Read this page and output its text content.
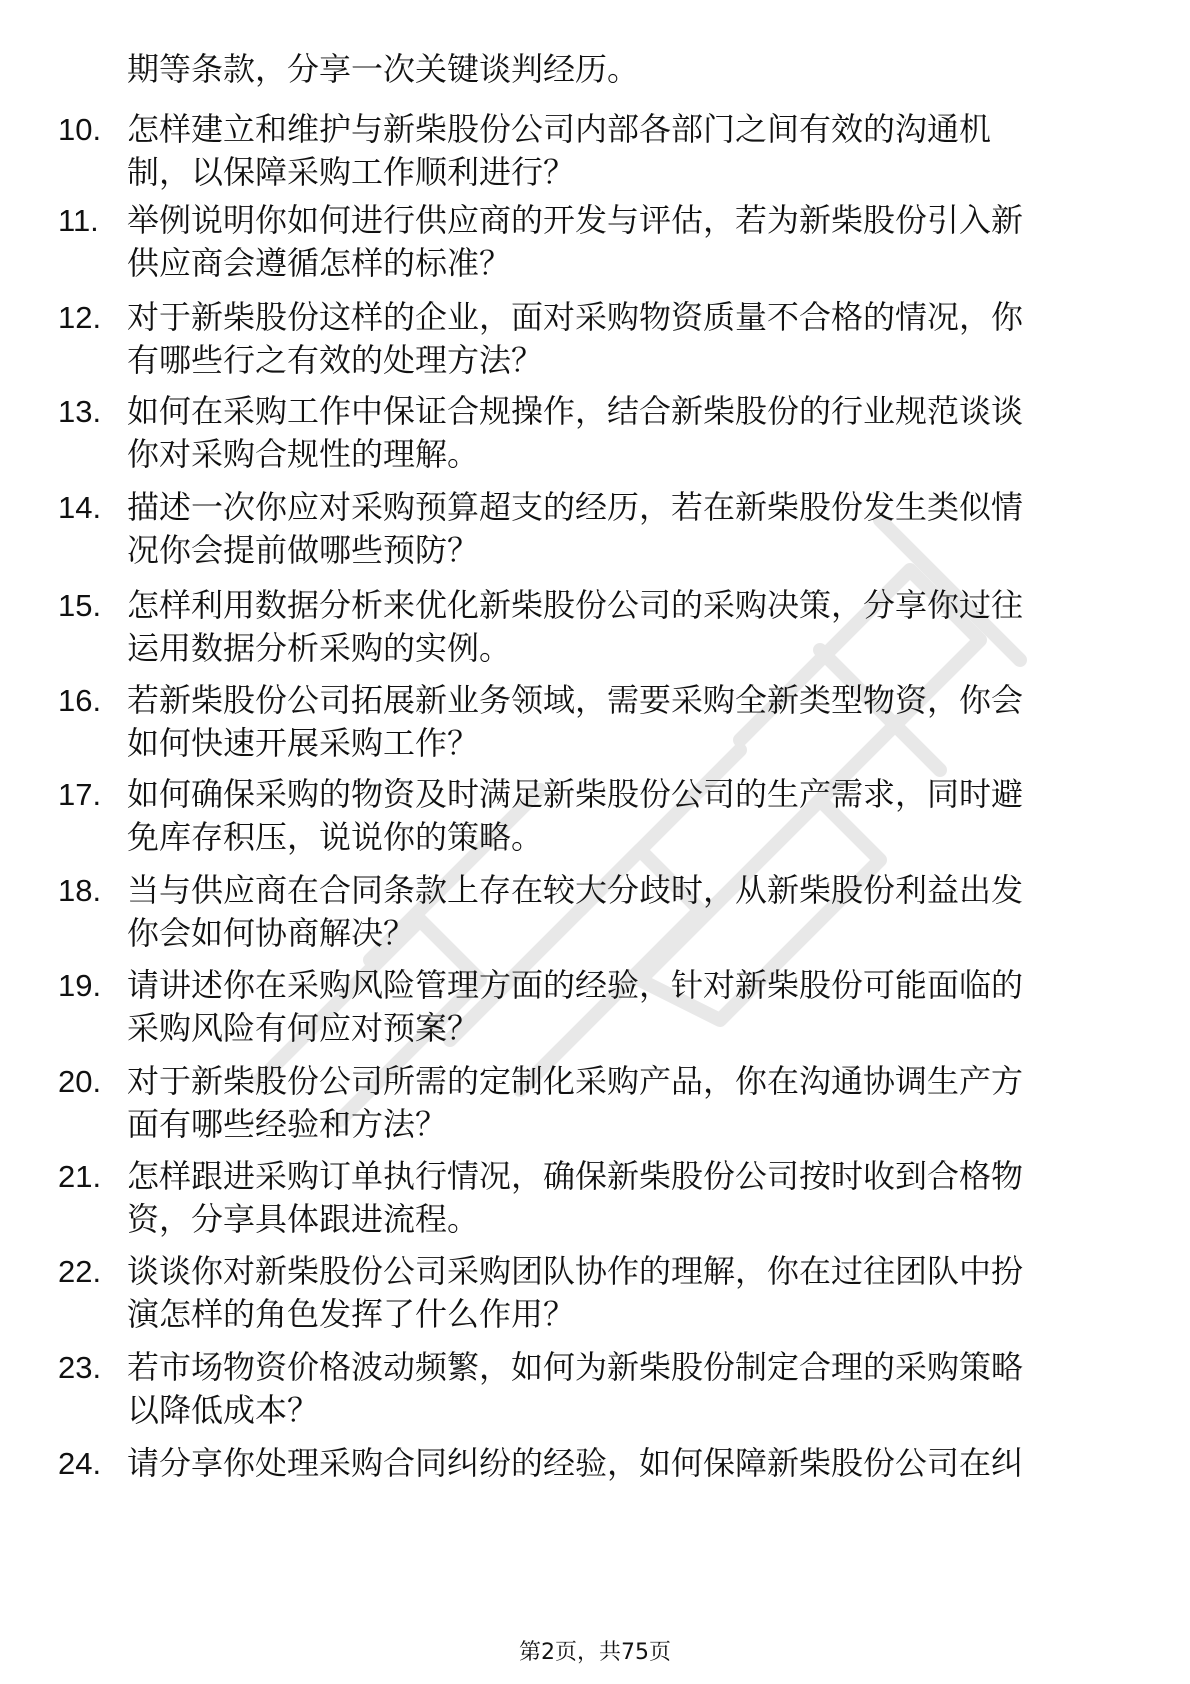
期等条款，分享一次关键谈判经历。
10. 怎样建立和维护与新柴股份公司内部各部门之间有效的沟通机
制，以保障采购工作顺利进行？
11. 举例说明你如何进行供应商的开发与评估，若为新柴股份引入新
供应商会遵循怎样的标准？
12. 对于新柴股份这样的企业，面对采购物资质量不合格的情况，你
有哪些行之有效的处理方法？
13. 如何在采购工作中保证合规操作，结合新柴股份的行业规范谈谈
你对采购合规性的理解。
14. 描述一次你应对采购预算超支的经历，若在新柴股份发生类似情
况你会提前做哪些预防？
15. 怎样利用数据分析来优化新柴股份公司的采购决策，分享你过往
运用数据分析采购的实例。
16. 若新柴股份公司拓展新业务领域，需要采购全新类型物资，你会
如何快速开展采购工作？
17. 如何确保采购的物资及时满足新柴股份公司的生产需求，同时避
免库存积压，说说你的策略。
18. 当与供应商在合同条款上存在较大分歧时，从新柴股份利益出发
你会如何协商解决？
19. 请讲述你在采购风险管理方面的经验，针对新柴股份可能面临的
采购风险有何应对预案？
20. 对于新柴股份公司所需的定制化采购产品，你在沟通协调生产方
面有哪些经验和方法？
21. 怎样跟进采购订单执行情况，确保新柴股份公司按时收到合格物
资，分享具体跟进流程。
22. 谈谈你对新柴股份公司采购团队协作的理解，你在过往团队中扮
演怎样的角色发挥了什么作用？
23. 若市场物资价格波动频繁，如何为新柴股份制定合理的采购策略
以降低成本？
24. 请分享你处理采购合同纠纷的经验，如何保障新柴股份公司在纠
第2页，共75页
